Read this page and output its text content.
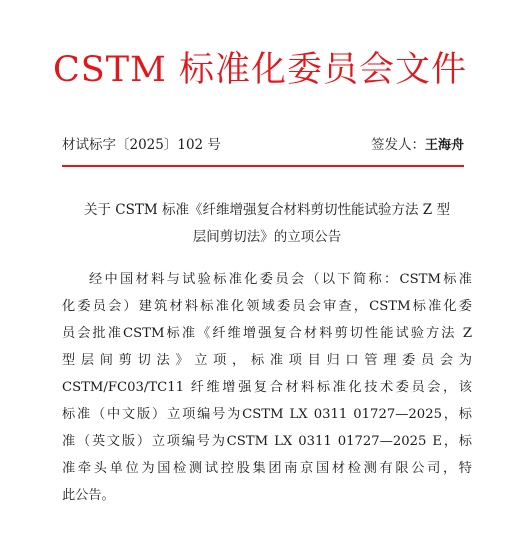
CSTM 标准化委员会文件
材试标字〔2025〕102 号	签发人：王海舟
关于 CSTM 标准《纤维增强复合材料剪切性能试验方法 Z 型
层间剪切法》的立项公告
经中国材料与试验标准化委员会（以下简称：CSTM标准
化委员会）建筑材料标准化领域委员会审查，CSTM标准化委
员会批准CSTM标准《纤维增强复合材料剪切性能试验方法 Z
型层间剪切法》立项，标准项目归口管理委员会为
CSTM/FC03/TC11 纤维增强复合材料标准化技术委员会，该
标准（中文版）立项编号为CSTM LX 0311 01727—2025，标
准（英文版）立项编号为CSTM LX 0311 01727—2025 E，标
准牵头单位为国检测试控股集团南京国材检测有限公司，特
此公告。
